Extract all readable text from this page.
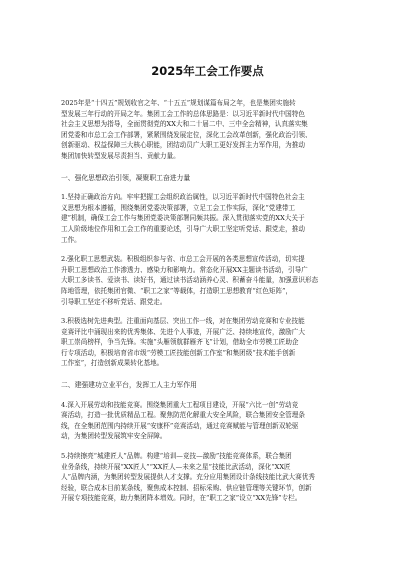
2025年工会工作要点
2025年是“十四五”规划收官之年、“十五五”规划谋篇布局之年，也是集团实施转
型发展三年行动的开局之年。集团工会工作的总体思路是：以习近平新时代中国特色
社会主义思想为指导，全面贯彻党的XX大和二十届二中、三中全会精神，认真落实集
团党委和市总工会工作部署，紧紧围绕发展定位，深化工会改革创新，强化政治引领、
创新驱动、权益保障三大核心职能，团结动员广大职工更好发挥主力军作用，为推动
集团加快转型发展尽责担当、贡献力量。
一、强化思想政治引领，凝聚职工奋进力量
1.坚持正确政治方向。牢牢把握工会组织政治属性，以习近平新时代中国特色社会主
义思想为根本遵循，围绕集团党委决策部署，立足工会工作实际，深化“党建带工
建”机制，确保工会工作与集团党委决策部署同频共振。深入贯彻落实党的XX大关于
工人阶级地位作用和工会工作的重要论述，引导广大职工坚定听党话、跟党走，推动
工作。
2.强化职工思想武装。积极组织参与省、市总工会开展的各类思想宣传活动，切实提
升职工思想政治工作渗透力、感染力和影响力。常态化开展XX主题读书活动，引导广
大职工多读书、爱读书、读好书，通过读书活动涵养心灵、积蓄奋斗能量，加强意识形态
阵地管理，依托集团官微、“职工之家”等载体，打造职工思想教育“红色矩阵”，
引导职工坚定不移听党话、跟党走。
3.积极选树先进典型。注重面向基层、突出工作一线，对在集团劳动竞赛和专业技能
竞赛评比中涌现出来的优秀集体、先进个人事迹，开展广泛、持续地宣传，激励广大
职工崇尚榜样，争当先锋。实施“头雁领航群雁齐飞”计划，借助全市劳模工匠助企
行专项活动，积极培育省市级“劳模工匠技能创新工作室”和集团级“技术能手创新
工作室”，打造创新成果转化基地。
二、建强建功立业平台，发挥工人主力军作用
4.深入开展劳动和技能竞赛。围绕集团重大工程项目建设，开展“六比一创”劳动竞
赛活动，打造一批优质精品工程。聚焦防范化解重大安全风险，联合集团安全管理条
线，在全集团范围内持续开展“安康杯”竞赛活动，通过竞赛赋能与管理创新双轮驱
动，为集团转型发展筑牢安全屏障。
5.持续擦亮“城建匠人”品牌。构建“培训—竞技—激励”技能竞赛体系，联合集团
业务条线，持续开展“XX匠人”“XX匠人—未来之星”技能比武活动，深化“XX匠
人”品牌内涵，为集团转型发展提供人才支撑。充分应用集团设计条线技能比武大赛优秀
经验，联合成本目前某条线，聚焦成本控制、招标采购、供应链管理等关键环节，创新
开展专项技能竞赛，助力集团降本增效。同时，在“职工之家”设立“XX先锋”专栏。
